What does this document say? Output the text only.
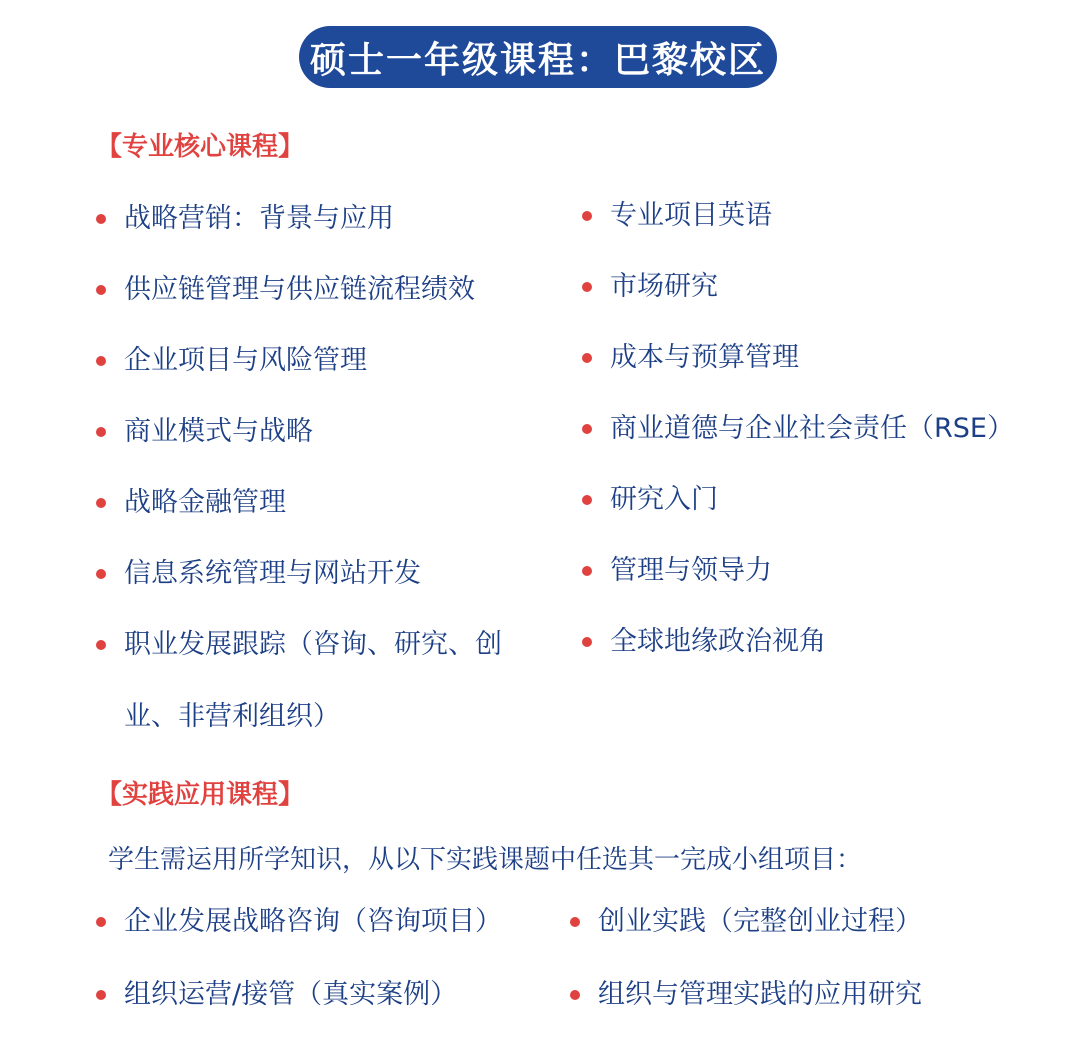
硕士一年级课程：巴黎校区
【专业核心课程】
战略营销：背景与应用
供应链管理与供应链流程绩效
企业项目与风险管理
商业模式与战略
战略金融管理
信息系统管理与网站开发
职业发展跟踪（咨询、研究、创业、非营利组织）
专业项目英语
市场研究
成本与预算管理
商业道德与企业社会责任（RSE）
研究入门
管理与领导力
全球地缘政治视角
【实践应用课程】
学生需运用所学知识，从以下实践课题中任选其一完成小组项目：
企业发展战略咨询（咨询项目）
组织运营/接管（真实案例）
创业实践（完整创业过程）
组织与管理实践的应用研究
